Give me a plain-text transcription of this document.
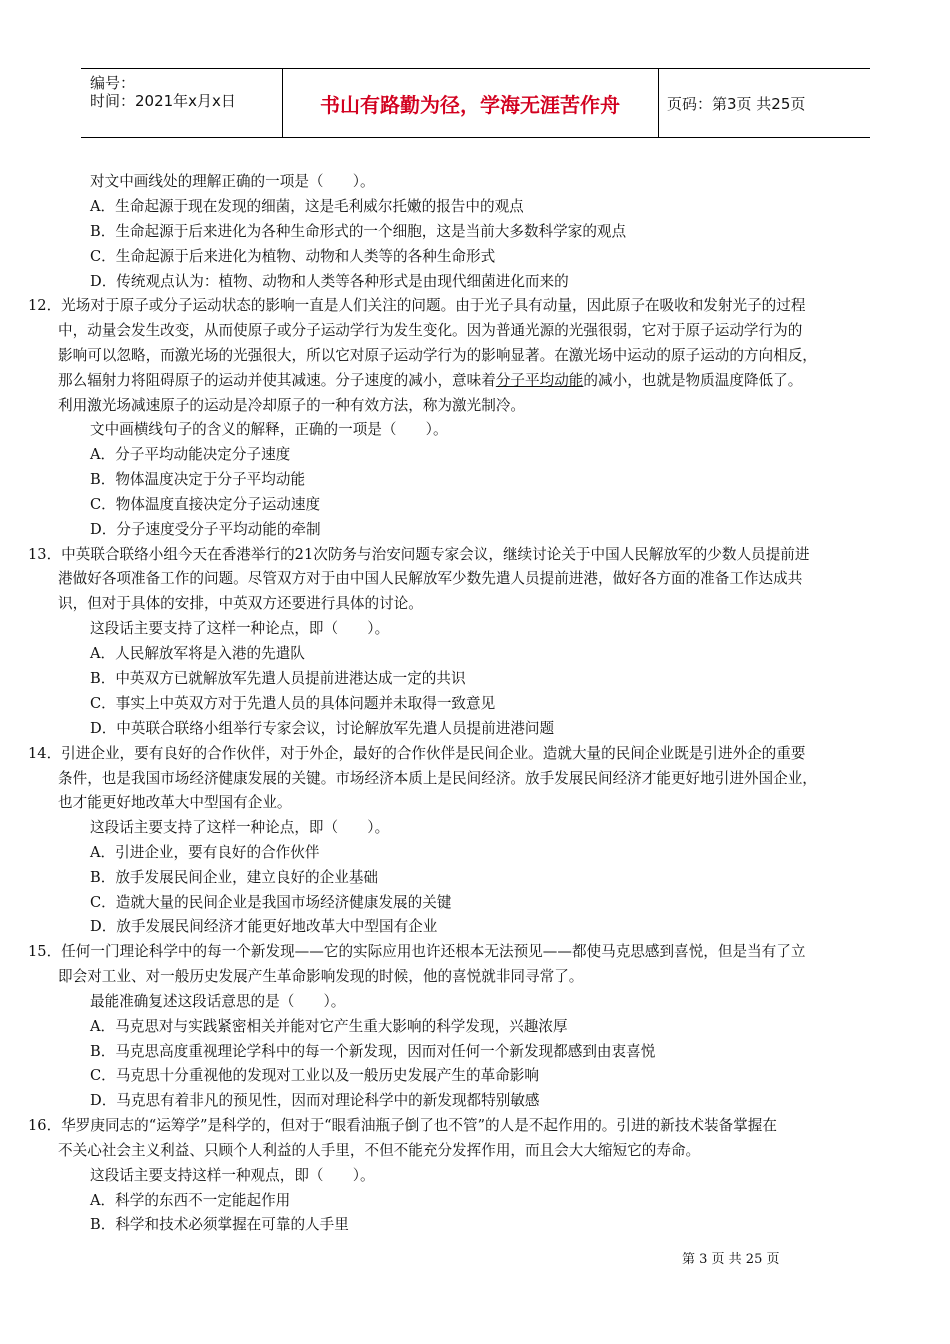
编号：
时间：2021年x月x日	书山有路勤为径，学海无涯苦作舟	页码：第3页 共25页
对文中画线处的理解正确的一项是（　　）。
A．生命起源于现在发现的细菌，这是毛利威尔托嫩的报告中的观点
B．生命起源于后来进化为各种生命形式的一个细胞，这是当前大多数科学家的观点
C．生命起源于后来进化为植物、动物和人类等的各种生命形式
D．传统观点认为：植物、动物和人类等各种形式是由现代细菌进化而来的
12．光场对于原子或分子运动状态的影响一直是人们关注的问题。由于光子具有动量，因此原子在吸收和发射光子的过程
中，动量会发生改变，从而使原子或分子运动学行为发生变化。因为普通光源的光强很弱，它对于原子运动学行为的
影响可以忽略，而激光场的光强很大，所以它对原子运动学行为的影响显著。在激光场中运动的原子运动的方向相反，
那么辐射力将阻碍原子的运动并使其减速。分子速度的减小，意味着分子平均动能的减小，也就是物质温度降低了。
利用激光场减速原子的运动是冷却原子的一种有效方法，称为激光制冷。
文中画横线句子的含义的解释，正确的一项是（　　）。
A．分子平均动能决定分子速度
B．物体温度决定于分子平均动能
C．物体温度直接决定分子运动速度
D．分子速度受分子平均动能的牵制
13．中英联合联络小组今天在香港举行的21次防务与治安问题专家会议，继续讨论关于中国人民解放军的少数人员提前进
港做好各项准备工作的问题。尽管双方对于由中国人民解放军少数先遣人员提前进港，做好各方面的准备工作达成共
识，但对于具体的安排，中英双方还要进行具体的讨论。
这段话主要支持了这样一种论点，即（　　）。
A．人民解放军将是入港的先遣队
B．中英双方已就解放军先遣人员提前进港达成一定的共识
C．事实上中英双方对于先遣人员的具体问题并未取得一致意见
D．中英联合联络小组举行专家会议，讨论解放军先遣人员提前进港问题
14．引进企业，要有良好的合作伙伴，对于外企，最好的合作伙伴是民间企业。造就大量的民间企业既是引进外企的重要
条件，也是我国市场经济健康发展的关键。市场经济本质上是民间经济。放手发展民间经济才能更好地引进外国企业，
也才能更好地改革大中型国有企业。
这段话主要支持了这样一种论点，即（　　）。
A．引进企业，要有良好的合作伙伴
B．放手发展民间企业，建立良好的企业基础
C．造就大量的民间企业是我国市场经济健康发展的关键
D．放手发展民间经济才能更好地改革大中型国有企业
15．任何一门理论科学中的每一个新发现——它的实际应用也许还根本无法预见——都使马克思感到喜悦，但是当有了立
即会对工业、对一般历史发展产生革命影响发现的时候，他的喜悦就非同寻常了。
最能准确复述这段话意思的是（　　）。
A．马克思对与实践紧密相关并能对它产生重大影响的科学发现，兴趣浓厚
B．马克思高度重视理论学科中的每一个新发现，因而对任何一个新发现都感到由衷喜悦
C．马克思十分重视他的发现对工业以及一般历史发展产生的革命影响
D．马克思有着非凡的预见性，因而对理论科学中的新发现都特别敏感
16．华罗庚同志的“运筹学”是科学的，但对于“眼看油瓶子倒了也不管”的人是不起作用的。引进的新技术装备掌握在
不关心社会主义利益、只顾个人利益的人手里，不但不能充分发挥作用，而且会大大缩短它的寿命。
这段话主要支持这样一种观点，即（　　）。
A．科学的东西不一定能起作用
B．科学和技术必须掌握在可靠的人手里
第 3 页 共 25 页
